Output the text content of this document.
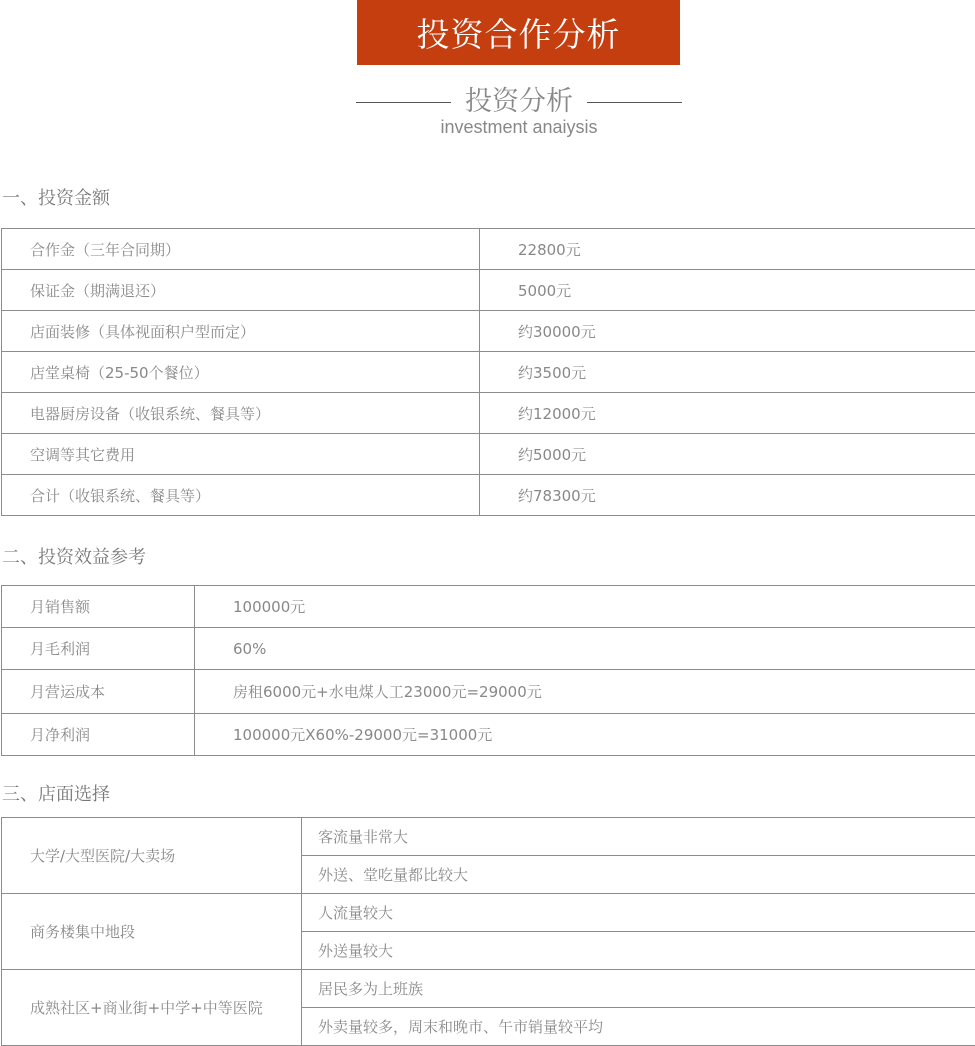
投资合作分析
投资分析
investment anaiysis
一、投资金额
合作金（三年合同期）	22800元
保证金（期满退还）	5000元
店面装修（具体视面积户型而定）	约30000元
店堂桌椅（25-50个餐位）	约3500元
电器厨房设备（收银系统、餐具等）	约12000元
空调等其它费用	约5000元
合计（收银系统、餐具等）	约78300元
二、投资效益参考
月销售额	100000元
月毛利润	60%
月营运成本	房租6000元+水电煤人工23000元=29000元
月净利润	100000元X60%-29000元=31000元
三、店面选择
大学/大型医院/大卖场	客流量非常大
	外送、堂吃量都比较大
商务楼集中地段	人流量较大
	外送量较大
成熟社区+商业街+中学+中等医院	居民多为上班族
	外卖量较多，周末和晚市、午市销量较平均
